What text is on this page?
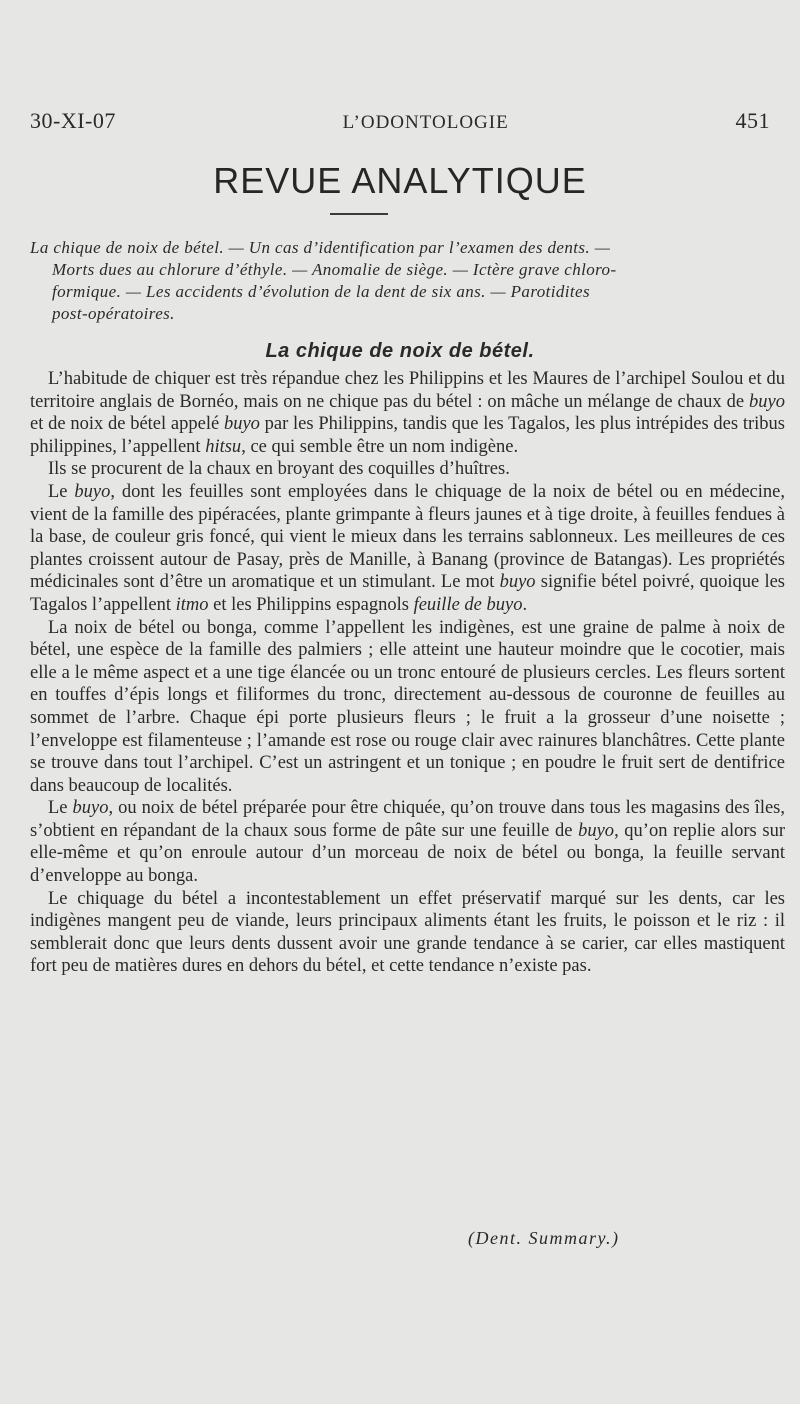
30-XI-07	L’ODONTOLOGIE	451
REVUE ANALYTIQUE
La chique de noix de bétel. — Un cas d’identification par l’examen des dents. —
Morts dues au chlorure d’éthyle. — Anomalie de siège. — Ictère grave chloro-
formique. — Les accidents d’évolution de la dent de six ans. — Parotidites
post-opératoires.
La chique de noix de bétel.

L’habitude de chiquer est très répandue chez les Philippins et les Maures de l’archipel Soulou et du territoire anglais de Bornéo, mais on ne chique pas du bétel : on mâche un mélange de chaux de buyo et de noix de bétel appelé buyo par les Philippins, tandis que les Tagalos, les plus intrépides des tribus philippines, l’appellent hitsu, ce qui semble être un nom indigène.

Ils se procurent de la chaux en broyant des coquilles d’huîtres.

Le buyo, dont les feuilles sont employées dans le chiquage de la noix de bétel ou en médecine, vient de la famille des pipéracées, plante grimpante à fleurs jaunes et à tige droite, à feuilles fendues à la base, de couleur gris foncé, qui vient le mieux dans les terrains sablonneux. Les meilleures de ces plantes croissent autour de Pasay, près de Manille, à Banang (province de Batangas). Les propriétés médicinales sont d’être un aromatique et un stimulant. Le mot buyo signifie bétel poivré, quoique les Tagalos l’appellent itmo et les Philippins espagnols feuille de buyo.

La noix de bétel ou bonga, comme l’appellent les indigènes, est une graine de palme à noix de bétel, une espèce de la famille des palmiers ; elle atteint une hauteur moindre que le cocotier, mais elle a le même aspect et a une tige élancée ou un tronc entouré de plusieurs cercles. Les fleurs sortent en touffes d’épis longs et filiformes du tronc, directement au-dessous de couronne de feuilles au sommet de l’arbre. Chaque épi porte plusieurs fleurs ; le fruit a la grosseur d’une noisette ; l’enveloppe est filamenteuse ; l’amande est rose ou rouge clair avec rainures blanchâtres. Cette plante se trouve dans tout l’archipel. C’est un astringent et un tonique ; en poudre le fruit sert de dentifrice dans beaucoup de localités.

Le buyo, ou noix de bétel préparée pour être chiquée, qu’on trouve dans tous les magasins des îles, s’obtient en répandant de la chaux sous forme de pâte sur une feuille de buyo, qu’on replie alors sur elle-même et qu’on enroule autour d’un morceau de noix de bétel ou bonga, la feuille servant d’enveloppe au bonga.

Le chiquage du bétel a incontestablement un effet préservatif marqué sur les dents, car les indigènes mangent peu de viande, leurs principaux aliments étant les fruits, le poisson et le riz : il semblerait donc que leurs dents dussent avoir une grande tendance à se carier, car elles mastiquent fort peu de matières dures en dehors du bétel, et cette tendance n’existe pas.

(Dent. Summary.)
